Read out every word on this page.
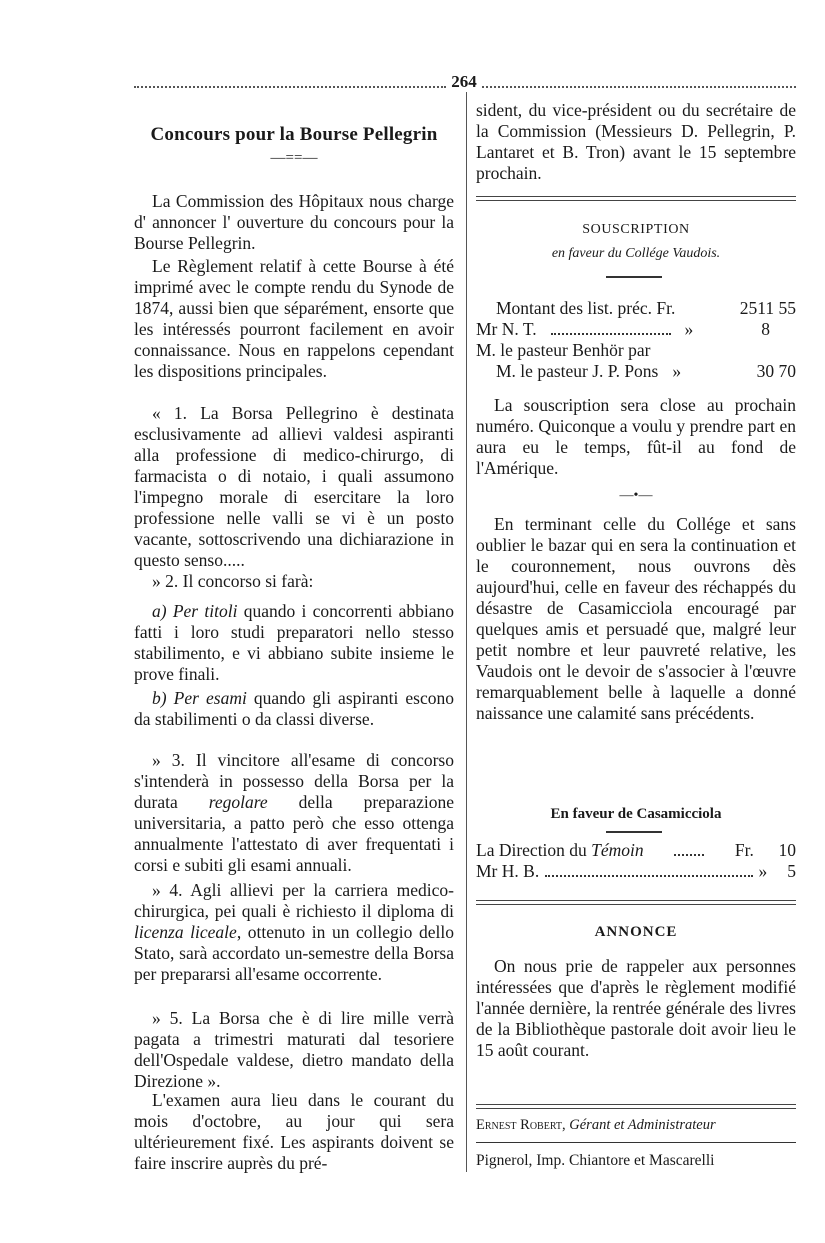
264
Concours pour la Bourse Pellegrin
—==—

La Commission des Hôpitaux nous charge d' annoncer l' ouverture du concours pour la Bourse Pellegrin.

Le Règlement relatif à cette Bourse à été imprimé avec le compte rendu du Synode de 1874, aussi bien que séparément, ensorte que les intéressés pourront facilement en avoir connaissance. Nous en rappelons cependant les dispositions principales.

« 1. La Borsa Pellegrino è destinata esclusivamente ad allievi valdesi aspiranti alla professione di medico-chirurgo, di farmacista o di notaio, i quali assumono l'impegno morale di esercitare la loro professione nelle valli se vi è un posto vacante, sottoscrivendo una dichiarazione in questo senso.....

» 2. Il concorso si farà:

a) Per titoli quando i concorrenti abbiano fatti i loro studi preparatori nello stesso stabilimento, e vi abbiano subite insieme le prove finali.

b) Per esami quando gli aspiranti escono da stabilimenti o da classi diverse.

» 3. Il vincitore all'esame di concorso s'intenderà in possesso della Borsa per la durata regolare della preparazione universitaria, a patto però che esso ottenga annualmente l'attestato di aver frequentati i corsi e subiti gli esami annuali.

» 4. Agli allievi per la carriera medico-chirurgica, pei quali è richiesto il diploma di licenza liceale, ottenuto in un collegio dello Stato, sarà accordato un-semestre della Borsa per prepararsi all'esame occorrente.

» 5. La Borsa che è di lire mille verrà pagata a trimestri maturati dal tesoriere dell'Ospedale valdese, dietro mandato della Direzione ».

L'examen aura lieu dans le courant du mois d'octobre, au jour qui sera ultérieurement fixé. Les aspirants doivent se faire inscrire auprès du pré-

sident, du vice-président ou du secrétaire de la Commission (Messieurs D. Pellegrin, P. Lantaret et B. Tron) avant le 15 septembre prochain.

SOUSCRIPTION
en faveur du Collége Vaudois.
Montant des list. préc. Fr.	2511 55
Mr N. T.	»	8
M. le pasteur Benhör par
M. le pasteur J. P. Pons »	30 70

La souscription sera close au prochain numéro. Quiconque a voulu y prendre part en aura eu le temps, fût-il au fond de l'Amérique.

—•—

En terminant celle du Collége et sans oublier le bazar qui en sera la continuation et le couronnement, nous ouvrons dès aujourd'hui, celle en faveur des réchappés du désastre de Casamicciola encouragé par quelques amis et persuadé que, malgré leur petit nombre et leur pauvreté relative, les Vaudois ont le devoir de s'associer à l'œuvre remarquablement belle à laquelle a donné naissance une calamité sans précédents.

En faveur de Casamicciola
La Direction du Témoin	Fr. 10
Mr H. B.	» 5
ANNONCE

On nous prie de rappeler aux personnes intéressées que d'après le règlement modifié l'année dernière, la rentrée générale des livres de la Bibliothèque pastorale doit avoir lieu le 15 août courant.

Ernest Robert, Gérant et Administrateur
Pignerol, Imp. Chiantore et Mascarelli
